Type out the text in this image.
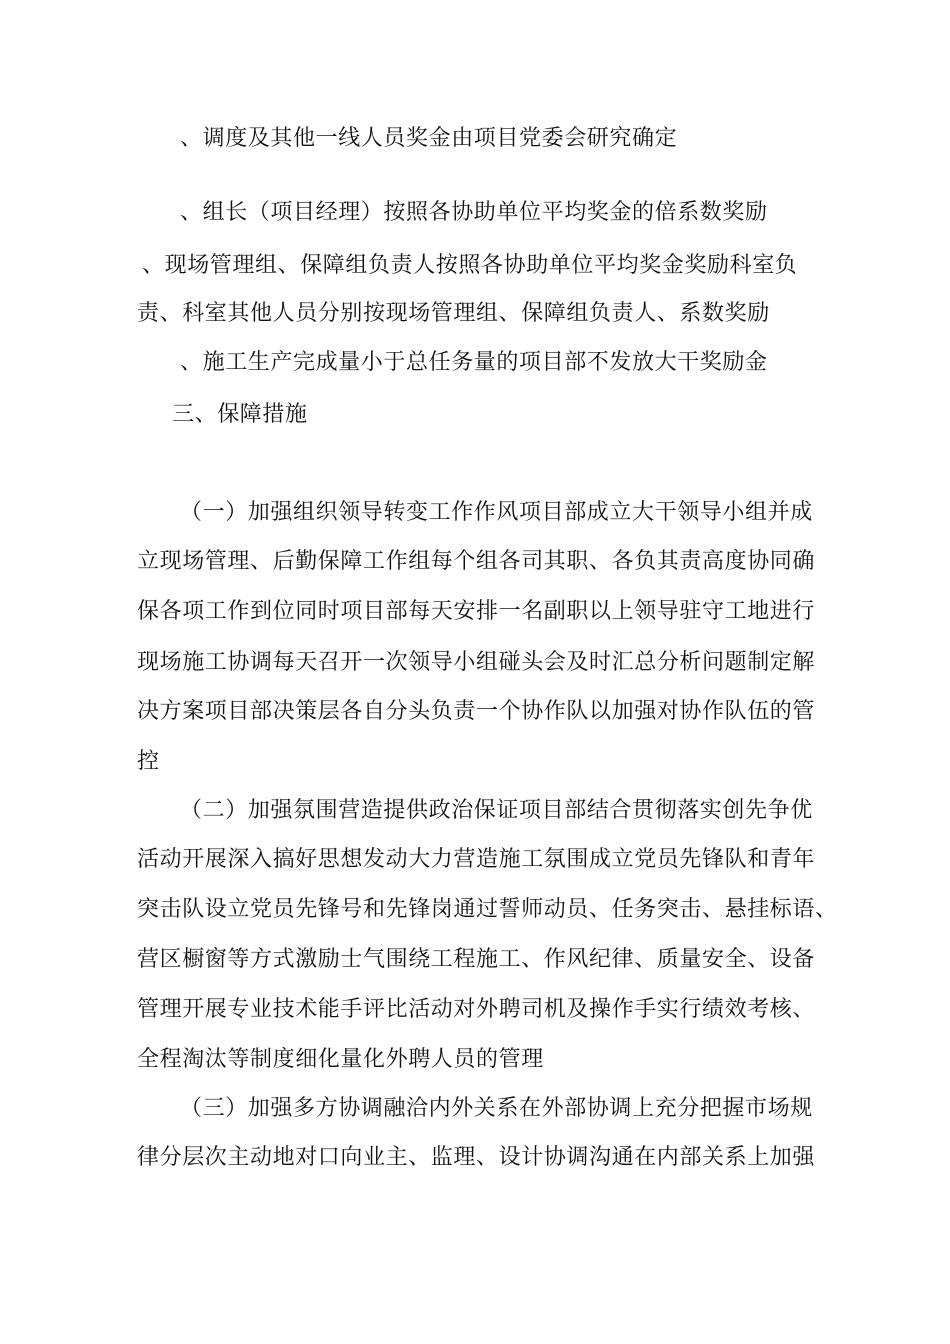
、调度及其他一线人员奖金由项目党委会研究确定
、组长（项目经理）按照各协助单位平均奖金的倍系数奖励
、现场管理组、保障组负责人按照各协助单位平均奖金奖励科室负
责、科室其他人员分别按现场管理组、保障组负责人、系数奖励
、施工生产完成量小于总任务量的项目部不发放大干奖励金
三、保障措施
（一）加强组织领导转变工作作风项目部成立大干领导小组并成
立现场管理、后勤保障工作组每个组各司其职、各负其责高度协同确
保各项工作到位同时项目部每天安排一名副职以上领导驻守工地进行
现场施工协调每天召开一次领导小组碰头会及时汇总分析问题制定解
决方案项目部决策层各自分头负责一个协作队以加强对协作队伍的管
控
（二）加强氛围营造提供政治保证项目部结合贯彻落实创先争优
活动开展深入搞好思想发动大力营造施工氛围成立党员先锋队和青年
突击队设立党员先锋号和先锋岗通过誓师动员、任务突击、悬挂标语、
营区橱窗等方式激励士气围绕工程施工、作风纪律、质量安全、设备
管理开展专业技术能手评比活动对外聘司机及操作手实行绩效考核、
全程淘汰等制度细化量化外聘人员的管理
（三）加强多方协调融洽内外关系在外部协调上充分把握市场规
律分层次主动地对口向业主、监理、设计协调沟通在内部关系上加强
